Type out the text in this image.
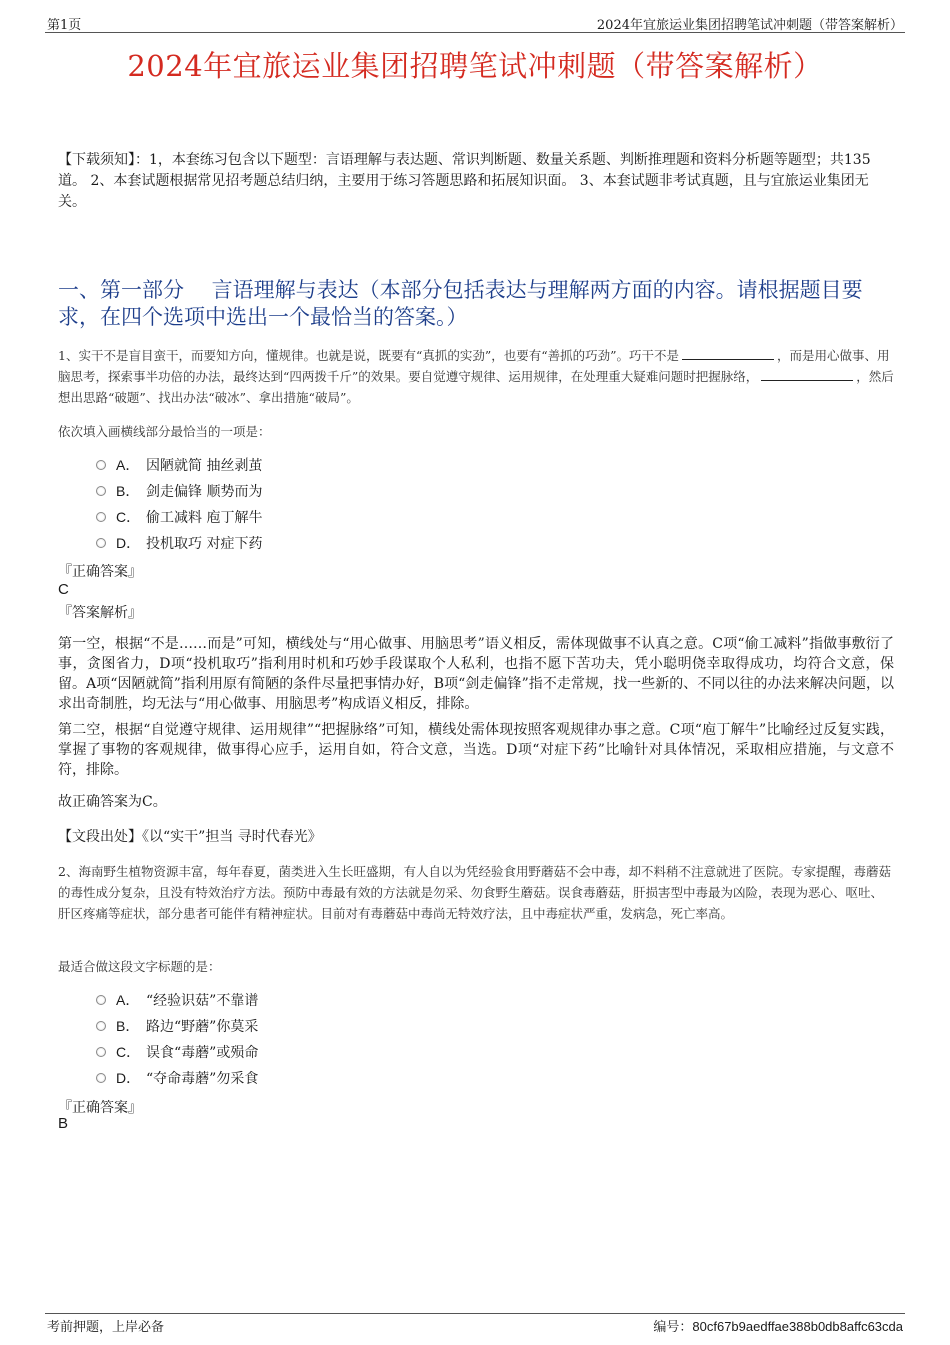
第1页	2024年宜旅运业集团招聘笔试冲刺题（带答案解析）
2024年宜旅运业集团招聘笔试冲刺题（带答案解析）
【下载须知】：1，本套练习包含以下题型：言语理解与表达题、常识判断题、数量关系题、判断推理题和资料分析题等题型；共135道。 2、本套试题根据常见招考题总结归纳，主要用于练习答题思路和拓展知识面。 3、本套试题非考试真题，且与宜旅运业集团无关。
一、第一部分　 言语理解与表达（本部分包括表达与理解两方面的内容。请根据题目要求，在四个选项中选出一个最恰当的答案。）
1、实干不是盲目蛮干，而要知方向，懂规律。也就是说，既要有“真抓的实劲”，也要有“善抓的巧劲”。巧干不是	，而是用心做事、用脑思考，探索事半功倍的办法，最终达到“四两拨千斤”的效果。要自觉遵守规律、运用规律，在处理重大疑难问题时把握脉络，	，然后想出思路“破题”、找出办法“破冰”、拿出措施“破局”。
依次填入画横线部分最恰当的一项是：
A． 因陋就简 抽丝剥茧
B． 剑走偏锋 顺势而为
C． 偷工减料 庖丁解牛
D． 投机取巧 对症下药
『正确答案』
C
『答案解析』
第一空，根据“不是……而是”可知，横线处与“用心做事、用脑思考”语义相反，需体现做事不认真之意。C项“偷工减料”指做事敷衍了事，贪图省力，D项“投机取巧”指利用时机和巧妙手段谋取个人私利，也指不愿下苦功夫，凭小聪明侥幸取得成功，均符合文意，保留。A项“因陋就简”指利用原有简陋的条件尽量把事情办好，B项“剑走偏锋”指不走常规，找一些新的、不同以往的办法来解决问题，以求出奇制胜，均无法与“用心做事、用脑思考”构成语义相反，排除。
第二空，根据“自觉遵守规律、运用规律”“把握脉络”可知，横线处需体现按照客观规律办事之意。C项“庖丁解牛”比喻经过反复实践，掌握了事物的客观规律，做事得心应手，运用自如，符合文意，当选。D项“对症下药”比喻针对具体情况，采取相应措施，与文意不符，排除。
故正确答案为C。
【文段出处】《以“实干”担当 寻时代春光》
2、海南野生植物资源丰富，每年春夏，菌类进入生长旺盛期，有人自以为凭经验食用野蘑菇不会中毒，却不料稍不注意就进了医院。专家提醒，毒蘑菇的毒性成分复杂，且没有特效治疗方法。预防中毒最有效的方法就是勿采、勿食野生蘑菇。误食毒蘑菇，肝损害型中毒最为凶险，表现为恶心、呕吐、肝区疼痛等症状，部分患者可能伴有精神症状。目前对有毒蘑菇中毒尚无特效疗法，且中毒症状严重，发病急，死亡率高。
最适合做这段文字标题的是：
A． “经验识菇”不靠谱
B． 路边“野蘑”你莫采
C． 误食“毒蘑”或殒命
D． “夺命毒蘑”勿采食
『正确答案』
B
考前押题，上岸必备	编号：80cf67b9aedffae388b0db8affc63cda
